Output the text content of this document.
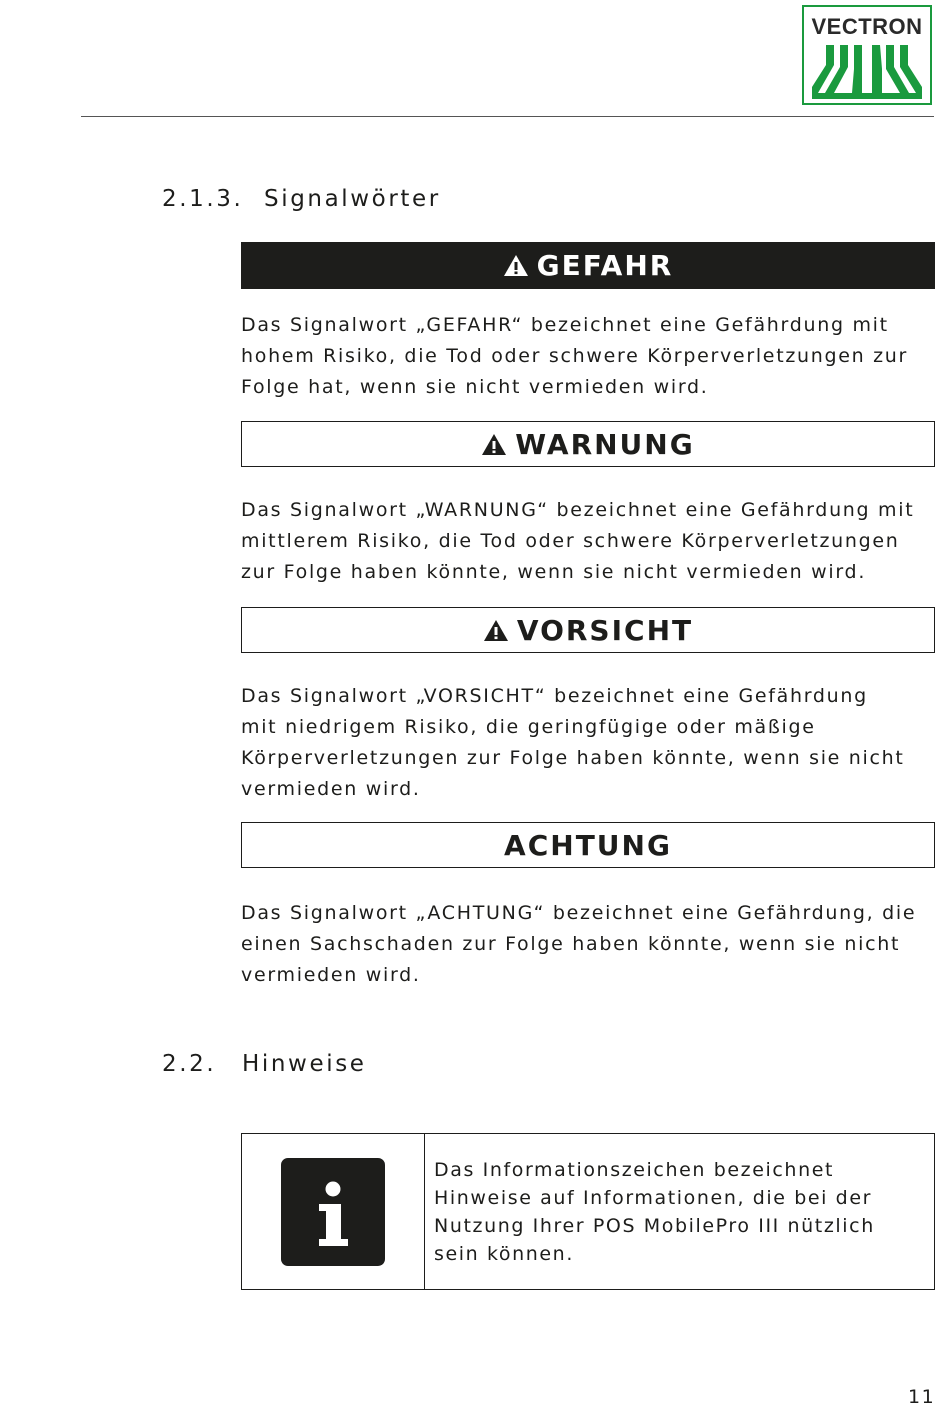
VECTRON
2.1.3. Signalwörter
GEFAHR
Das Signalwort „GEFAHR“ bezeichnet eine Gefährdung mit
hohem Risiko, die Tod oder schwere Körperverletzungen zur
Folge hat, wenn sie nicht vermieden wird.
WARNUNG
Das Signalwort „WARNUNG“ bezeichnet eine Gefährdung mit
mittlerem Risiko, die Tod oder schwere Körperverletzungen
zur Folge haben könnte, wenn sie nicht vermieden wird.
VORSICHT
Das Signalwort „VORSICHT“ bezeichnet eine Gefährdung
mit niedrigem Risiko, die geringfügige oder mäßige
Körperverletzungen zur Folge haben könnte, wenn sie nicht
vermieden wird.
ACHTUNG
Das Signalwort „ACHTUNG“ bezeichnet eine Gefährdung, die
einen Sachschaden zur Folge haben könnte, wenn sie nicht
vermieden wird.
2.2. Hinweise
Das Informationszeichen bezeichnet
Hinweise auf Informationen, die bei der
Nutzung Ihrer POS MobilePro III nützlich
sein können.
11
